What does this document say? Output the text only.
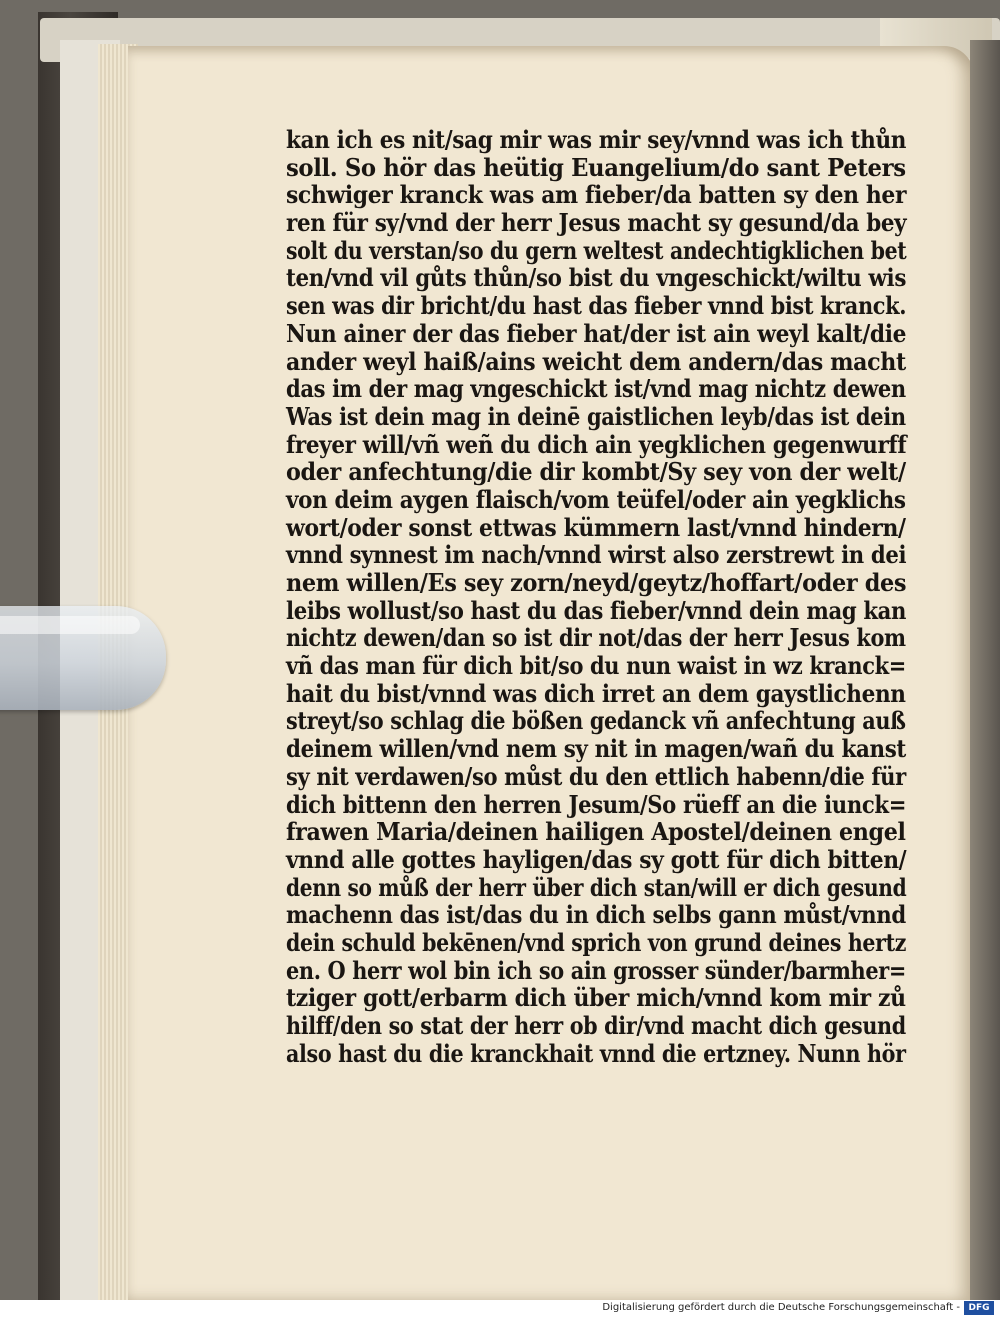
kan ich es nit/sag mir was mir sey/vnnd was ich thůn
soll. So hör das heütig Euangelium/do sant Peters
schwiger kranck was am fieber/da batten sy den her
ren für sy/vnd der herr Jesus macht sy gesund/da bey
solt du verstan/so du gern weltest andechtigklichen bet
ten/vnd vil gůts thůn/so bist du vngeschickt/wiltu wis
sen was dir bricht/du hast das fieber vnnd bist kranck.
Nun ainer der das fieber hat/der ist ain weyl kalt/die
ander weyl haiß/ains weicht dem andern/das macht
das im der mag vngeschickt ist/vnd mag nichtz dewen
Was ist dein mag in deinē gaistlichen leyb/das ist dein
freyer will/vñ weñ du dich ain yegklichen gegenwurff
oder anfechtung/die dir kombt/Sy sey von der welt/
von deim aygen flaisch/vom teüfel/oder ain yegklichs
wort/oder sonst ettwas kümmern last/vnnd hindern/
vnnd synnest im nach/vnnd wirst also zerstrewt in dei
nem willen/Es sey zorn/neyd/geytz/hoffart/oder des
leibs wollust/so hast du das fieber/vnnd dein mag kan
nichtz dewen/dan so ist dir not/das der herr Jesus kom
vñ das man für dich bit/so du nun waist in wz kranck=
hait du bist/vnnd was dich irret an dem gaystlichenn
streyt/so schlag die bößen gedanck vñ anfechtung auß
deinem willen/vnd nem sy nit in magen/wañ du kanst
sy nit verdawen/so můst du den ettlich habenn/die für
dich bittenn den herren Jesum/So rüeff an die iunck=
frawen Maria/deinen hailigen Apostel/deinen engel
vnnd alle gottes hayligen/das sy gott für dich bitten/
denn so můß der herr über dich stan/will er dich gesund
machenn das ist/das du in dich selbs gann můst/vnnd
dein schuld bekēnen/vnd sprich von grund deines hertz
en. O herr wol bin ich so ain grosser sünder/barmher=
tziger gott/erbarm dich über mich/vnnd kom mir zů
hilff/den so stat der herr ob dir/vnd macht dich gesund
also hast du die kranckhait vnnd die ertzney. Nunn hör
Digitalisierung gefördert durch die Deutsche Forschungsgemeinschaft - DFG
